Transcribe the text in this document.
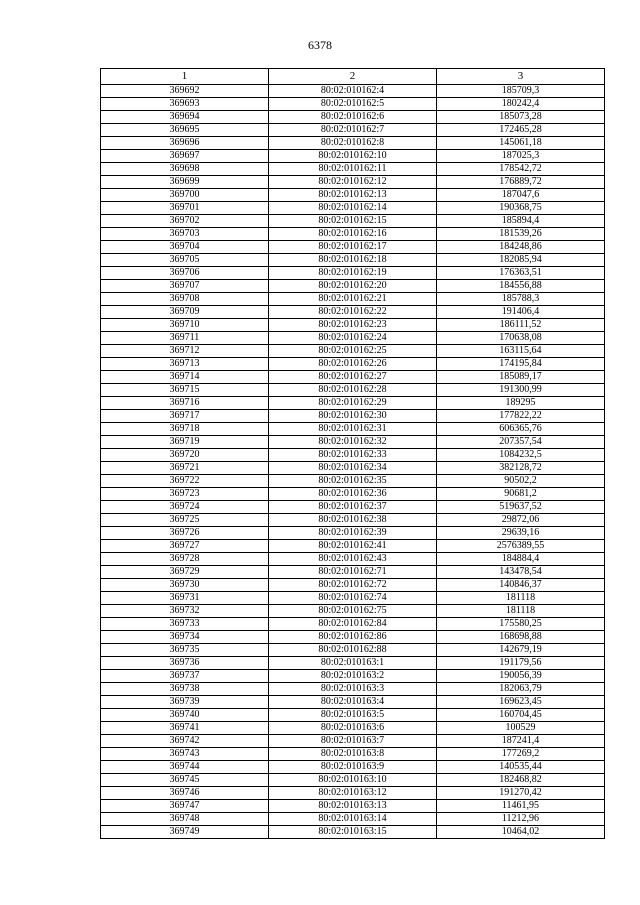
6378
1	2	3
369692	80:02:010162:4	185709,3
369693	80:02:010162:5	180242,4
369694	80:02:010162:6	185073,28
369695	80:02:010162:7	172465,28
369696	80:02:010162:8	145061,18
369697	80:02:010162:10	187025,3
369698	80:02:010162:11	178542,72
369699	80:02:010162:12	176889,72
369700	80:02:010162:13	187047,6
369701	80:02:010162:14	190368,75
369702	80:02:010162:15	185894,4
369703	80:02:010162:16	181539,26
369704	80:02:010162:17	184248,86
369705	80:02:010162:18	182085,94
369706	80:02:010162:19	176363,51
369707	80:02:010162:20	184556,88
369708	80:02:010162:21	185788,3
369709	80:02:010162:22	191406,4
369710	80:02:010162:23	186111,52
369711	80:02:010162:24	170638,08
369712	80:02:010162:25	163115,64
369713	80:02:010162:26	174195,84
369714	80:02:010162:27	185089,17
369715	80:02:010162:28	191300,99
369716	80:02:010162:29	189295
369717	80:02:010162:30	177822,22
369718	80:02:010162:31	606365,76
369719	80:02:010162:32	207357,54
369720	80:02:010162:33	1084232,5
369721	80:02:010162:34	382128,72
369722	80:02:010162:35	90502,2
369723	80:02:010162:36	90681,2
369724	80:02:010162:37	519637,52
369725	80:02:010162:38	29872,06
369726	80:02:010162:39	29639,16
369727	80:02:010162:41	2576389,55
369728	80:02:010162:43	184884,4
369729	80:02:010162:71	143478,54
369730	80:02:010162:72	140846,37
369731	80:02:010162:74	181118
369732	80:02:010162:75	181118
369733	80:02:010162:84	175580,25
369734	80:02:010162:86	168698,88
369735	80:02:010162:88	142679,19
369736	80:02:010163:1	191179,56
369737	80:02:010163:2	190056,39
369738	80:02:010163:3	182063,79
369739	80:02:010163:4	169623,45
369740	80:02:010163:5	160704,45
369741	80:02:010163:6	100529
369742	80:02:010163:7	187241,4
369743	80:02:010163:8	177269,2
369744	80:02:010163:9	140535,44
369745	80:02:010163:10	182468,82
369746	80:02:010163:12	191270,42
369747	80:02:010163:13	11461,95
369748	80:02:010163:14	11212,96
369749	80:02:010163:15	10464,02
